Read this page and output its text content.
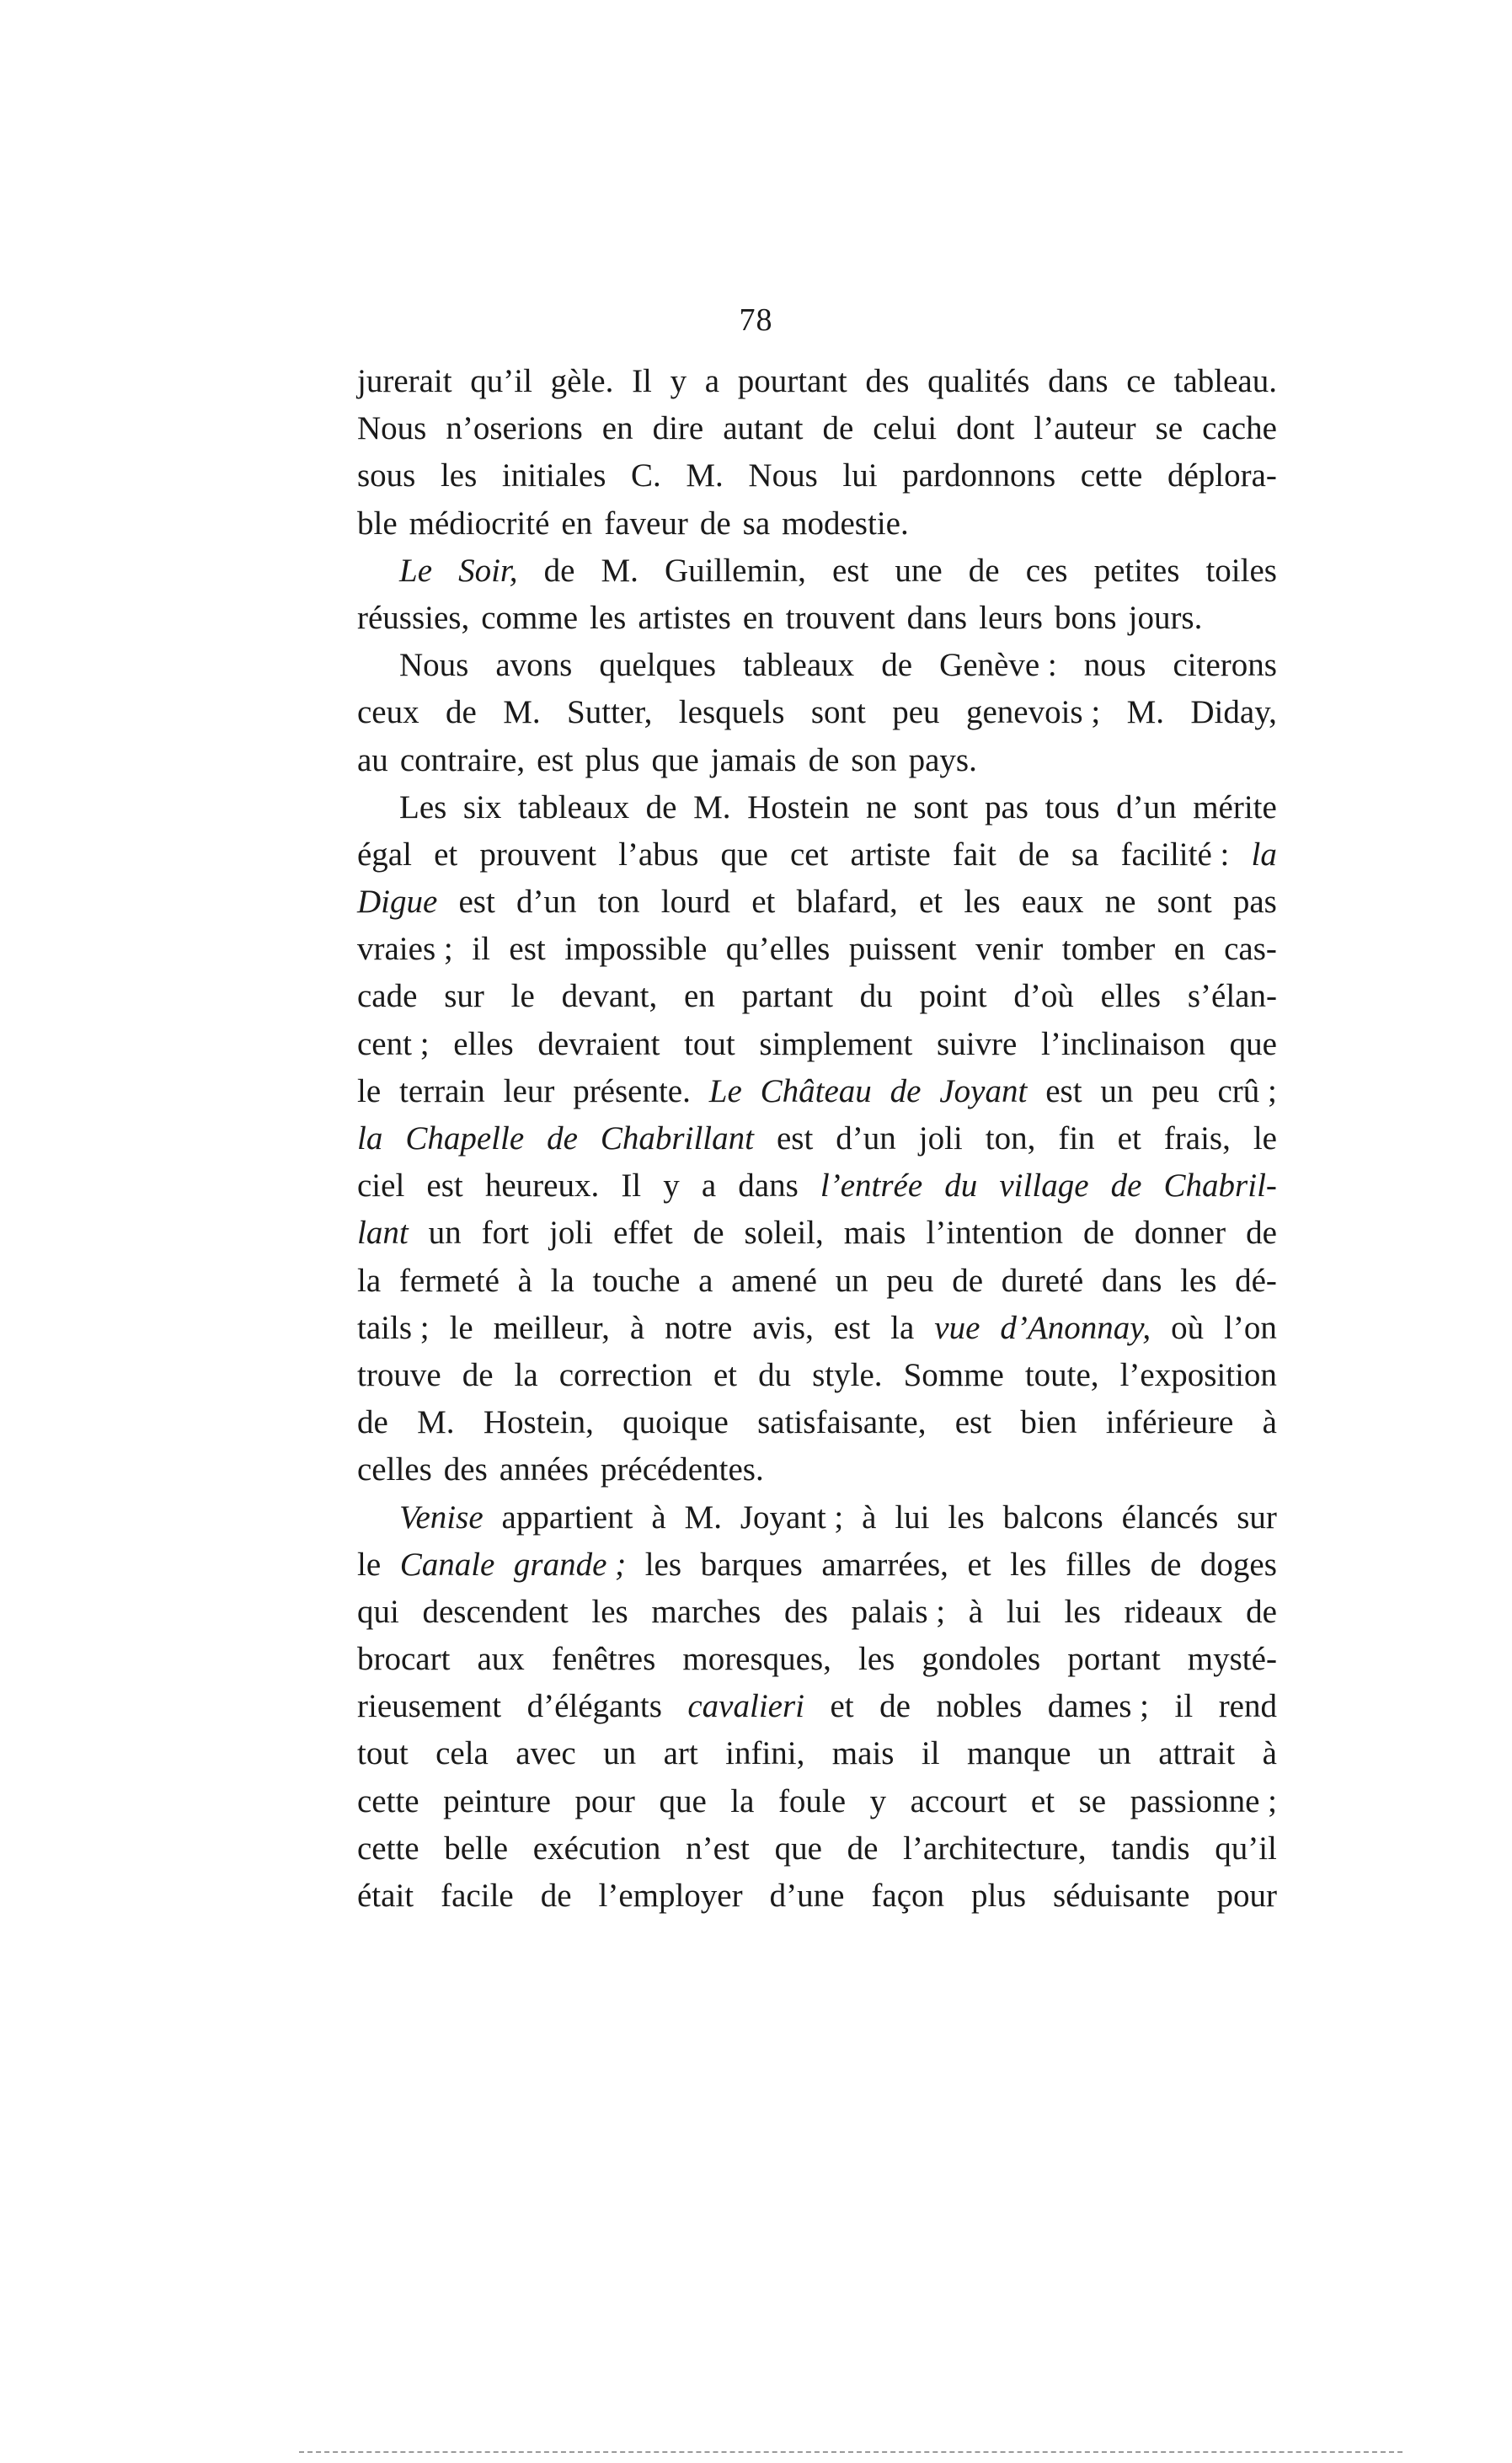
78
jurerait qu’il gèle. Il y a pourtant des qualités dans ce tableau.
Nous n’oserions en dire autant de celui dont l’auteur se cache
sous les initiales C. M. Nous lui pardonnons cette déplora-
ble médiocrité en faveur de sa modestie.
Le Soir, de M. Guillemin, est une de ces petites toiles
réussies, comme les artistes en trouvent dans leurs bons jours.
Nous avons quelques tableaux de Genève : nous citerons
ceux de M. Sutter, lesquels sont peu genevois ; M. Diday,
au contraire, est plus que jamais de son pays.
Les six tableaux de M. Hostein ne sont pas tous d’un mérite
égal et prouvent l’abus que cet artiste fait de sa facilité : la
Digue est d’un ton lourd et blafard, et les eaux ne sont pas
vraies ; il est impossible qu’elles puissent venir tomber en cas-
cade sur le devant, en partant du point d’où elles s’élan-
cent ; elles devraient tout simplement suivre l’inclinaison que
le terrain leur présente. Le Château de Joyant est un peu crû ;
la Chapelle de Chabrillant est d’un joli ton, fin et frais, le
ciel est heureux. Il y a dans l’entrée du village de Chabril-
lant un fort joli effet de soleil, mais l’intention de donner de
la fermeté à la touche a amené un peu de dureté dans les dé-
tails ; le meilleur, à notre avis, est la vue d’Anonnay, où l’on
trouve de la correction et du style. Somme toute, l’exposition
de M. Hostein, quoique satisfaisante, est bien inférieure à
celles des années précédentes.
Venise appartient à M. Joyant ; à lui les balcons élancés sur
le Canale grande ; les barques amarrées, et les filles de doges
qui descendent les marches des palais ; à lui les rideaux de
brocart aux fenêtres moresques, les gondoles portant mysté-
rieusement d’élégants cavalieri et de nobles dames ; il rend
tout cela avec un art infini, mais il manque un attrait à
cette peinture pour que la foule y accourt et se passionne ;
cette belle exécution n’est que de l’architecture, tandis qu’il
était facile de l’employer d’une façon plus séduisante pour
